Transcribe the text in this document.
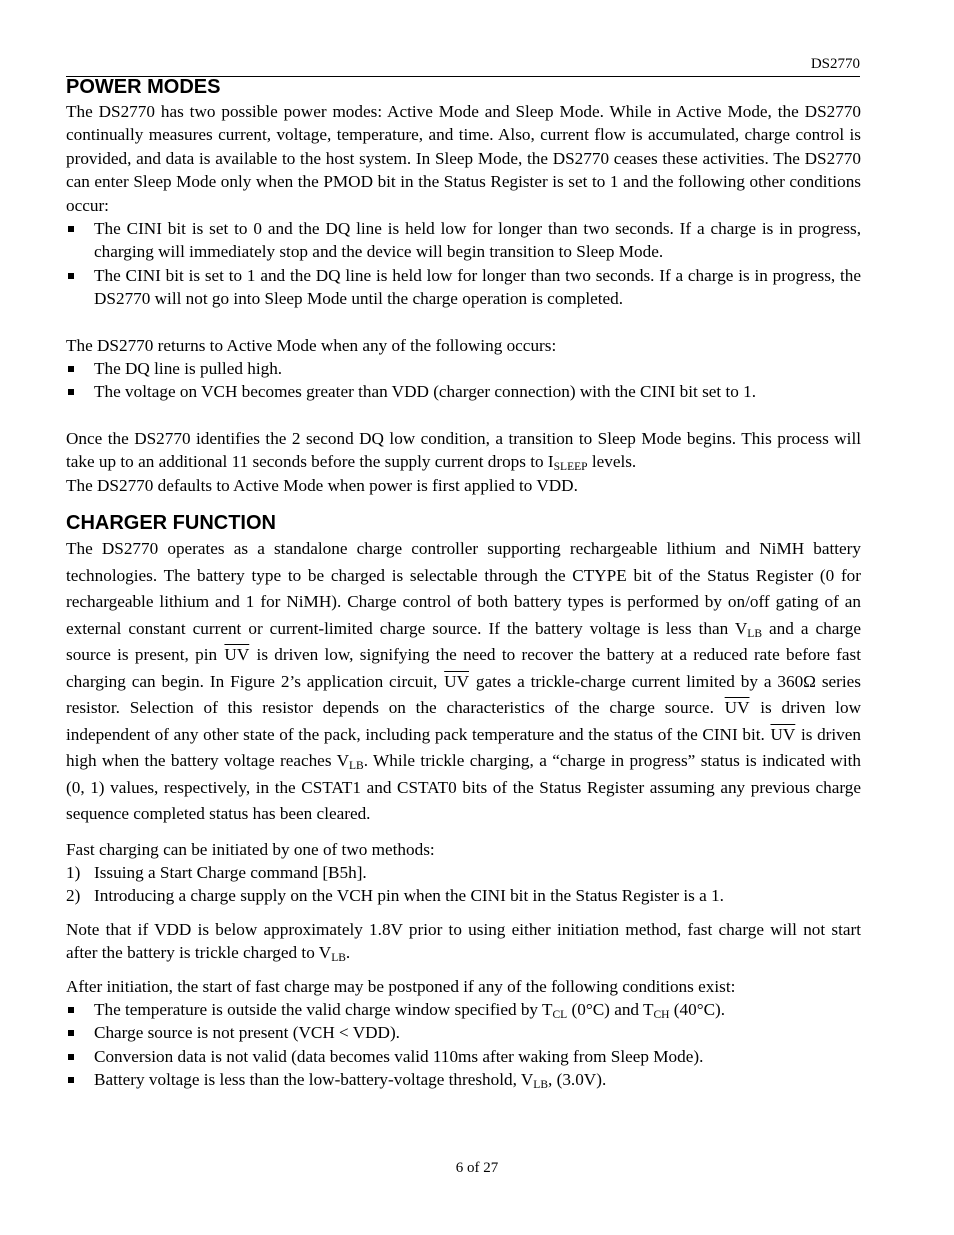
DS2770
POWER MODES

The DS2770 has two possible power modes: Active Mode and Sleep Mode. While in Active Mode, the DS2770 continually measures current, voltage, temperature, and time. Also, current flow is accumulated, charge control is provided, and data is available to the host system. In Sleep Mode, the DS2770 ceases these activities. The DS2770 can enter Sleep Mode only when the PMOD bit in the Status Register is set to 1 and the following other conditions occur:

The CINI bit is set to 0 and the DQ line is held low for longer than two seconds. If a charge is in progress, charging will immediately stop and the device will begin transition to Sleep Mode.
The CINI bit is set to 1 and the DQ line is held low for longer than two seconds. If a charge is in progress, the DS2770 will not go into Sleep Mode until the charge operation is completed.

The DS2770 returns to Active Mode when any of the following occurs:

The DQ line is pulled high.
The voltage on VCH becomes greater than VDD (charger connection) with the CINI bit set to 1.

Once the DS2770 identifies the 2 second DQ low condition, a transition to Sleep Mode begins. This process will take up to an additional 11 seconds before the supply current drops to $I_{SLEEP}$ levels.

The DS2770 defaults to Active Mode when power is first applied to VDD.

CHARGER FUNCTION

The DS2770 operates as a standalone charge controller supporting rechargeable lithium and NiMH battery technologies. The battery type to be charged is selectable through the CTYPE bit of the Status Register (0 for rechargeable lithium and 1 for NiMH). Charge control of both battery types is performed by on/off gating of an external constant current or current-limited charge source. If the battery voltage is less than $V_{LB}$ and a charge source is present, pin $\overline{UV}$ is driven low, signifying the need to recover the battery at a reduced rate before fast charging can begin. In Figure 2’s application circuit, $\overline{UV}$ gates a trickle-charge current limited by a 360Ω series resistor. Selection of this resistor depends on the characteristics of the charge source. $\overline{UV}$ is driven low independent of any other state of the pack, including pack temperature and the status of the CINI bit. $\overline{UV}$ is driven high when the battery voltage reaches $V_{LB}$. While trickle charging, a “charge in progress” status is indicated with (0, 1) values, respectively, in the CSTAT1 and CSTAT0 bits of the Status Register assuming any previous charge sequence completed status has been cleared.

Fast charging can be initiated by one of two methods:

1) Issuing a Start Charge command [B5h].
2) Introducing a charge supply on the VCH pin when the CINI bit in the Status Register is a 1.

Note that if VDD is below approximately 1.8V prior to using either initiation method, fast charge will not start after the battery is trickle charged to $V_{LB}$.

After initiation, the start of fast charge may be postponed if any of the following conditions exist:

The temperature is outside the valid charge window specified by $T_{CL}$ (0°C) and $T_{CH}$ (40°C).
Charge source is not present (VCH < VDD).
Conversion data is not valid (data becomes valid 110ms after waking from Sleep Mode).
Battery voltage is less than the low-battery-voltage threshold, $V_{LB}$, (3.0V).
6 of 27
